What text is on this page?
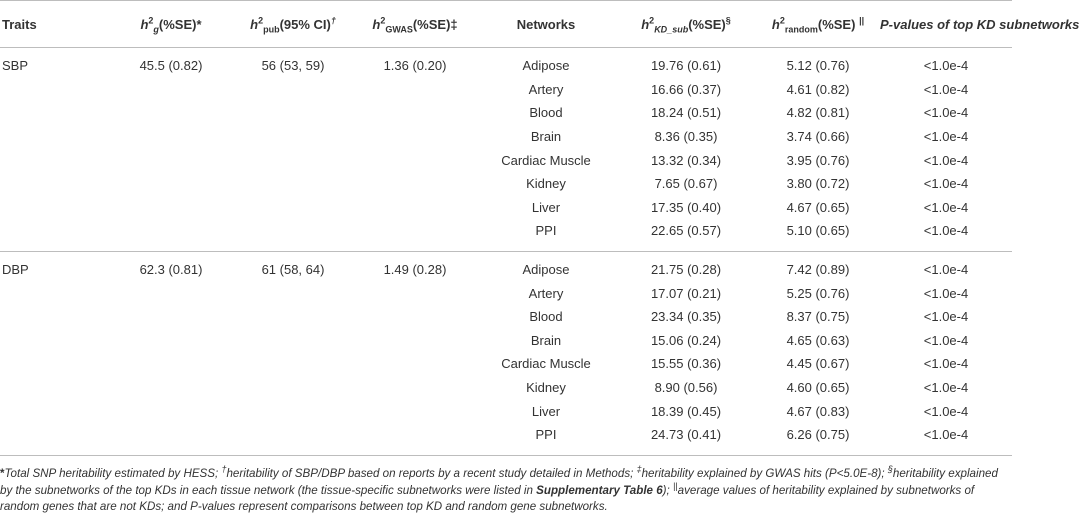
Traits	$h^2_g(\%SE)*$	$h^2_{pub}(95\%$ CI)†	$h^2_{GWAS}(\%SE)\ddagger$	Networks	$h^2_{KD\_sub}(\%SE)^\S$	$h^2_{random}(\%SE)$ ||	P-values of top KD subnetworks
SBP	45.5 (0.82)	56 (53, 59)	1.36 (0.20)	Adipose	19.76 (0.61)	5.12 (0.76)	<1.0e-4
				Artery	16.66 (0.37)	4.61 (0.82)	<1.0e-4
				Blood	18.24 (0.51)	4.82 (0.81)	<1.0e-4
				Brain	8.36 (0.35)	3.74 (0.66)	<1.0e-4
				Cardiac Muscle	13.32 (0.34)	3.95 (0.76)	<1.0e-4
				Kidney	7.65 (0.67)	3.80 (0.72)	<1.0e-4
				Liver	17.35 (0.40)	4.67 (0.65)	<1.0e-4
				PPI	22.65 (0.57)	5.10 (0.65)	<1.0e-4
DBP	62.3 (0.81)	61 (58, 64)	1.49 (0.28)	Adipose	21.75 (0.28)	7.42 (0.89)	<1.0e-4
				Artery	17.07 (0.21)	5.25 (0.76)	<1.0e-4
				Blood	23.34 (0.35)	8.37 (0.75)	<1.0e-4
				Brain	15.06 (0.24)	4.65 (0.63)	<1.0e-4
				Cardiac Muscle	15.55 (0.36)	4.45 (0.67)	<1.0e-4
				Kidney	8.90 (0.56)	4.60 (0.65)	<1.0e-4
				Liver	18.39 (0.45)	4.67 (0.83)	<1.0e-4
				PPI	24.73 (0.41)	6.26 (0.75)	<1.0e-4
*Total SNP heritability estimated by HESS; †heritability of SBP/DBP based on reports by a recent study detailed in Methods; ‡heritability explained by GWAS hits (P<5.0E-8); §heritability explained by the subnetworks of the top KDs in each tissue network (the tissue-specific subnetworks were listed in Supplementary Table 6); ||average values of heritability explained by subnetworks of random genes that are not KDs; and P-values represent comparisons between top KD and random gene subnetworks.
